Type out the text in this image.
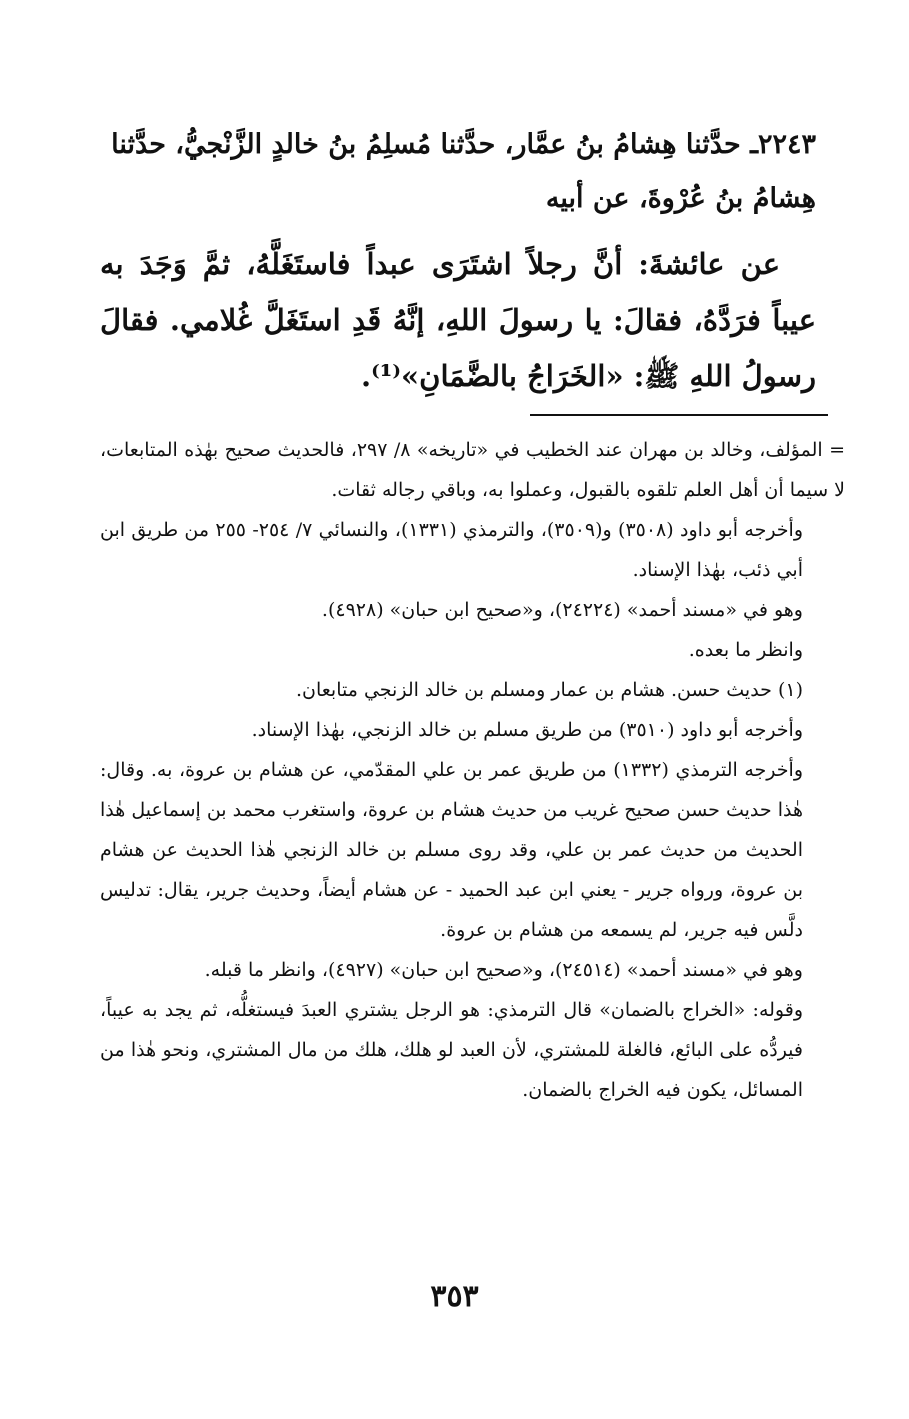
٢٢٤٣ـ حدَّثنا هِشامُ بنُ عمَّار، حدَّثنا مُسلِمُ بنُ خالدٍ الزَّنْجيُّ، حدَّثنا

هِشامُ بنُ عُرْوةَ، عن أبيه

عن عائشةَ: أنَّ رجلاً اشتَرَى عبداً فاستَغَلَّهُ، ثمَّ وَجَدَ به عيباً فرَدَّهُ، فقالَ: يا رسولَ اللهِ، إنَّهُ قَدِ استَغَلَّ غُلامي. فقالَ رسولُ اللهِ ﷺ: «الخَرَاجُ بالضَّمَانِ»⁽¹⁾.

= المؤلف، وخالد بن مهران عند الخطيب في «تاريخه» ٨/ ٢٩٧، فالحديث صحيح بهٰذه المتابعات، لا سيما أن أهل العلم تلقوه بالقبول، وعملوا به، وباقي رجاله ثقات.

وأخرجه أبو داود (٣٥٠٨) و(٣٥٠٩)، والترمذي (١٣٣١)، والنسائي ٧/ ٢٥٤- ٢٥٥ من طريق ابن أبي ذئب، بهٰذا الإسناد.

وهو في «مسند أحمد» (٢٤٢٢٤)، و«صحيح ابن حبان» (٤٩٢٨).

وانظر ما بعده.

(١) حديث حسن. هشام بن عمار ومسلم بن خالد الزنجي متابعان.

وأخرجه أبو داود (٣٥١٠) من طريق مسلم بن خالد الزنجي، بهٰذا الإسناد.

وأخرجه الترمذي (١٣٣٢) من طريق عمر بن علي المقدّمي، عن هشام بن عروة، به. وقال: هٰذا حديث حسن صحيح غريب من حديث هشام بن عروة، واستغرب محمد بن إسماعيل هٰذا الحديث من حديث عمر بن علي، وقد روى مسلم بن خالد الزنجي هٰذا الحديث عن هشام بن عروة، ورواه جرير - يعني ابن عبد الحميد - عن هشام أيضاً، وحديث جرير، يقال: تدليس دلَّس فيه جرير، لم يسمعه من هشام بن عروة.

وهو في «مسند أحمد» (٢٤٥١٤)، و«صحيح ابن حبان» (٤٩٢٧)، وانظر ما قبله.

وقوله: «الخراج بالضمان» قال الترمذي: هو الرجل يشتري العبدَ فيستغلُّه، ثم يجد به عيباً، فيردُّه على البائع، فالغلة للمشتري، لأن العبد لو هلك، هلك من مال المشتري، ونحو هٰذا من المسائل، يكون فيه الخراج بالضمان.

٣٥٣
